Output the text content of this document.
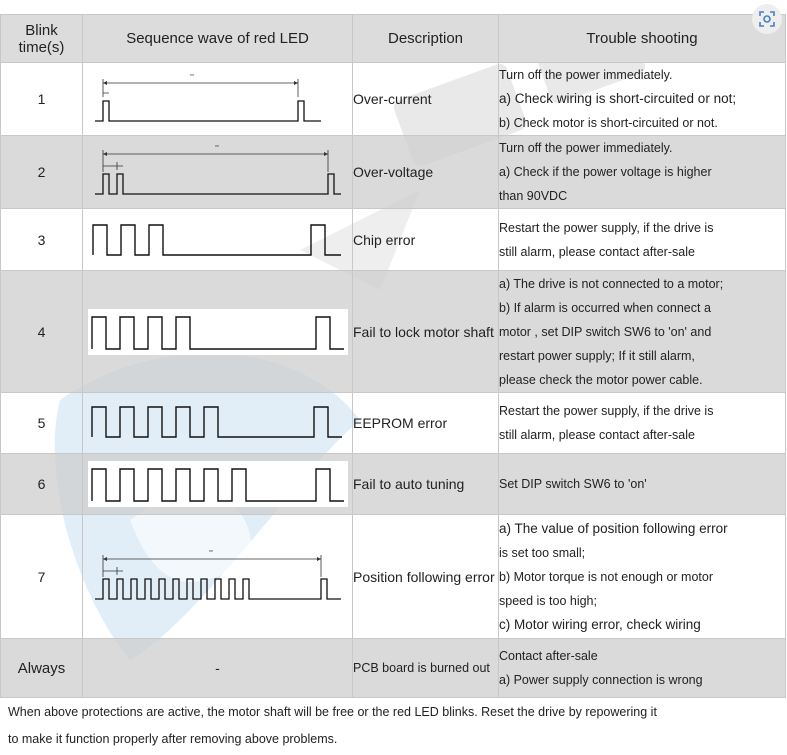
Blink time(s)	Sequence wave of red LED	Description	Trouble shooting
1	**	Over-current	Turn off the power immediately.
a) Check wiring is short-circuited or not;
b) Check motor is short-circuited or not.

2	**	Over-voltage	Turn off the power immediately.
a) Check if the power voltage is higher
than 90VDC

3		Chip error	Restart the power supply, if the drive is
still alarm, please contact after-sale

4		Fail to lock motor shaft	a) The drive is not connected to a motor;
b) If alarm is occurred when connect a
motor , set DIP switch SW6 to 'on' and
restart power supply; If it still alarm,
please check the motor power cable.

5		EEPROM error	Restart the power supply, if the drive is
still alarm, please contact after-sale

6		Fail to auto tuning	Set DIP switch SW6 to 'on'

7	**	Position following error	a) The value of position following error
is set too small;
b) Motor torque is not enough or motor
speed is too high;
c) Motor wiring error, check wiring

Always	-	PCB board is burned out	Contact after-sale
a) Power supply connection is wrong
When above protections are active, the motor shaft will be free or the red LED blinks. Reset the drive by repowering it
to make it function properly after removing above problems.
